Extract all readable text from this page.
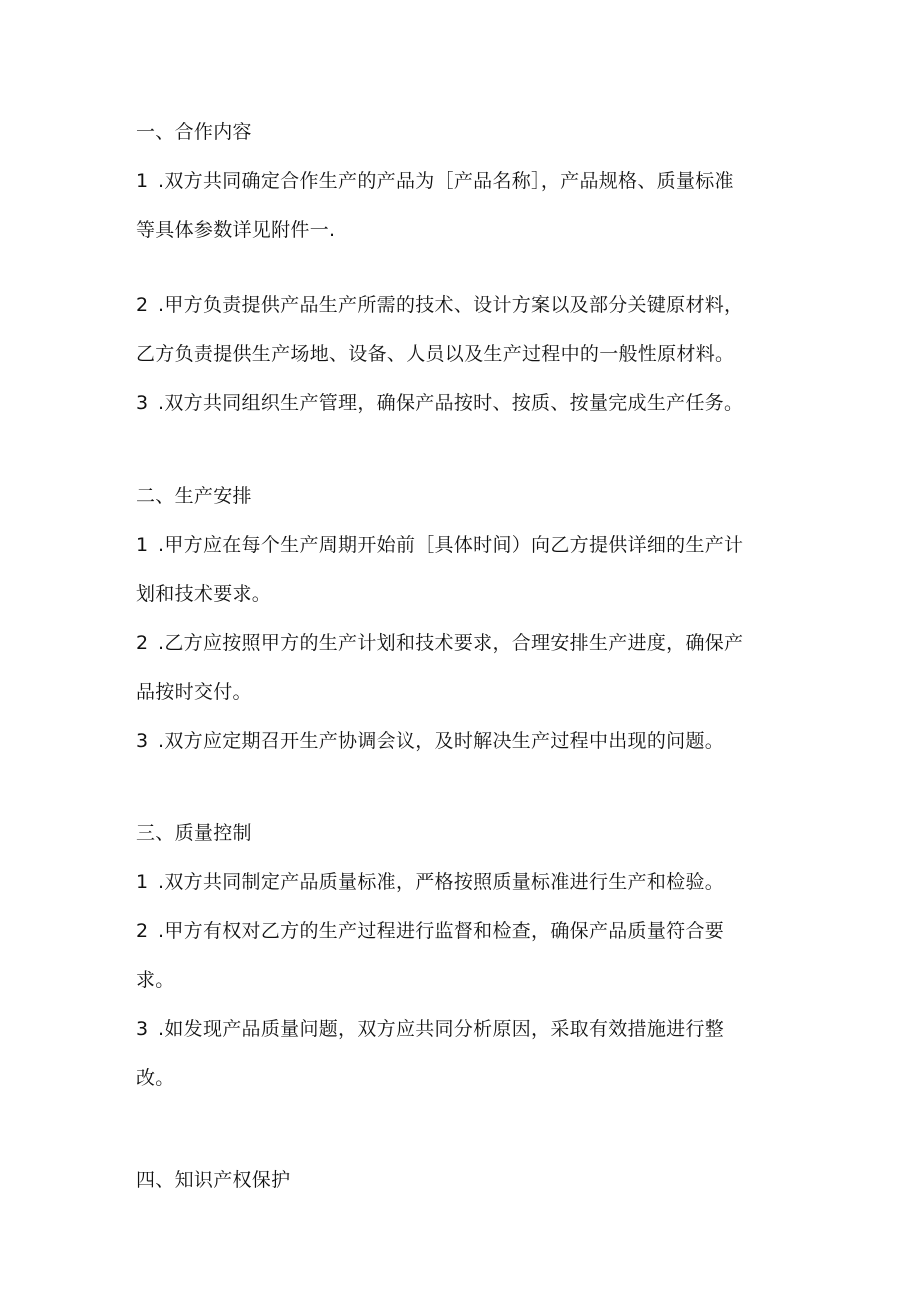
一、合作内容

1 .双方共同确定合作生产的产品为［产品名称］，产品规格、质量标准

等具体参数详见附件一.

2 .甲方负责提供产品生产所需的技术、设计方案以及部分关键原材料，

乙方负责提供生产场地、设备、人员以及生产过程中的一般性原材料。

3 .双方共同组织生产管理，确保产品按时、按质、按量完成生产任务。

二、生产安排

1 .甲方应在每个生产周期开始前［具体时间）向乙方提供详细的生产计

划和技术要求。

2 .乙方应按照甲方的生产计划和技术要求，合理安排生产进度，确保产

品按时交付。

3 .双方应定期召开生产协调会议，及时解决生产过程中出现的问题。

三、质量控制

1 .双方共同制定产品质量标准，严格按照质量标准进行生产和检验。

2 .甲方有权对乙方的生产过程进行监督和检查，确保产品质量符合要

求。

3 .如发现产品质量问题，双方应共同分析原因，采取有效措施进行整

改。

四、知识产权保护
